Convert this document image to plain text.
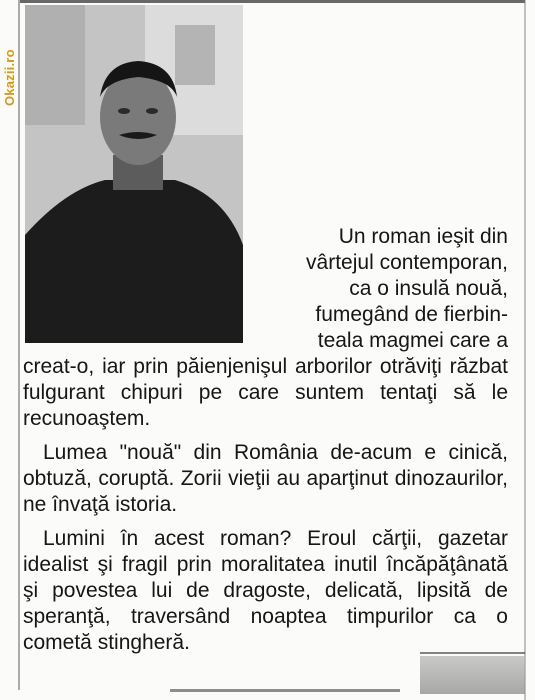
Okazii.ro
Un roman ieşit din
vârtejul contemporan,
ca o insulă nouă,
fumegând de fierbin-
teala magmei care a

creat-o, iar prin păienjenişul arborilor otrăviţi răzbat fulgurant chipuri pe care suntem tentaţi să le recunoaştem.

Lumea "nouă" din România de-acum e cinică, obtuză, coruptă. Zorii vieţii au aparţinut dinozaurilor, ne învaţă istoria.

Lumini în acest roman? Eroul cărţii, gazetar idealist şi fragil prin moralitatea inutil încăpăţânată şi povestea lui de dragoste, delicată, lipsită de speranţă, traversând noaptea timpurilor ca o cometă stingheră.
